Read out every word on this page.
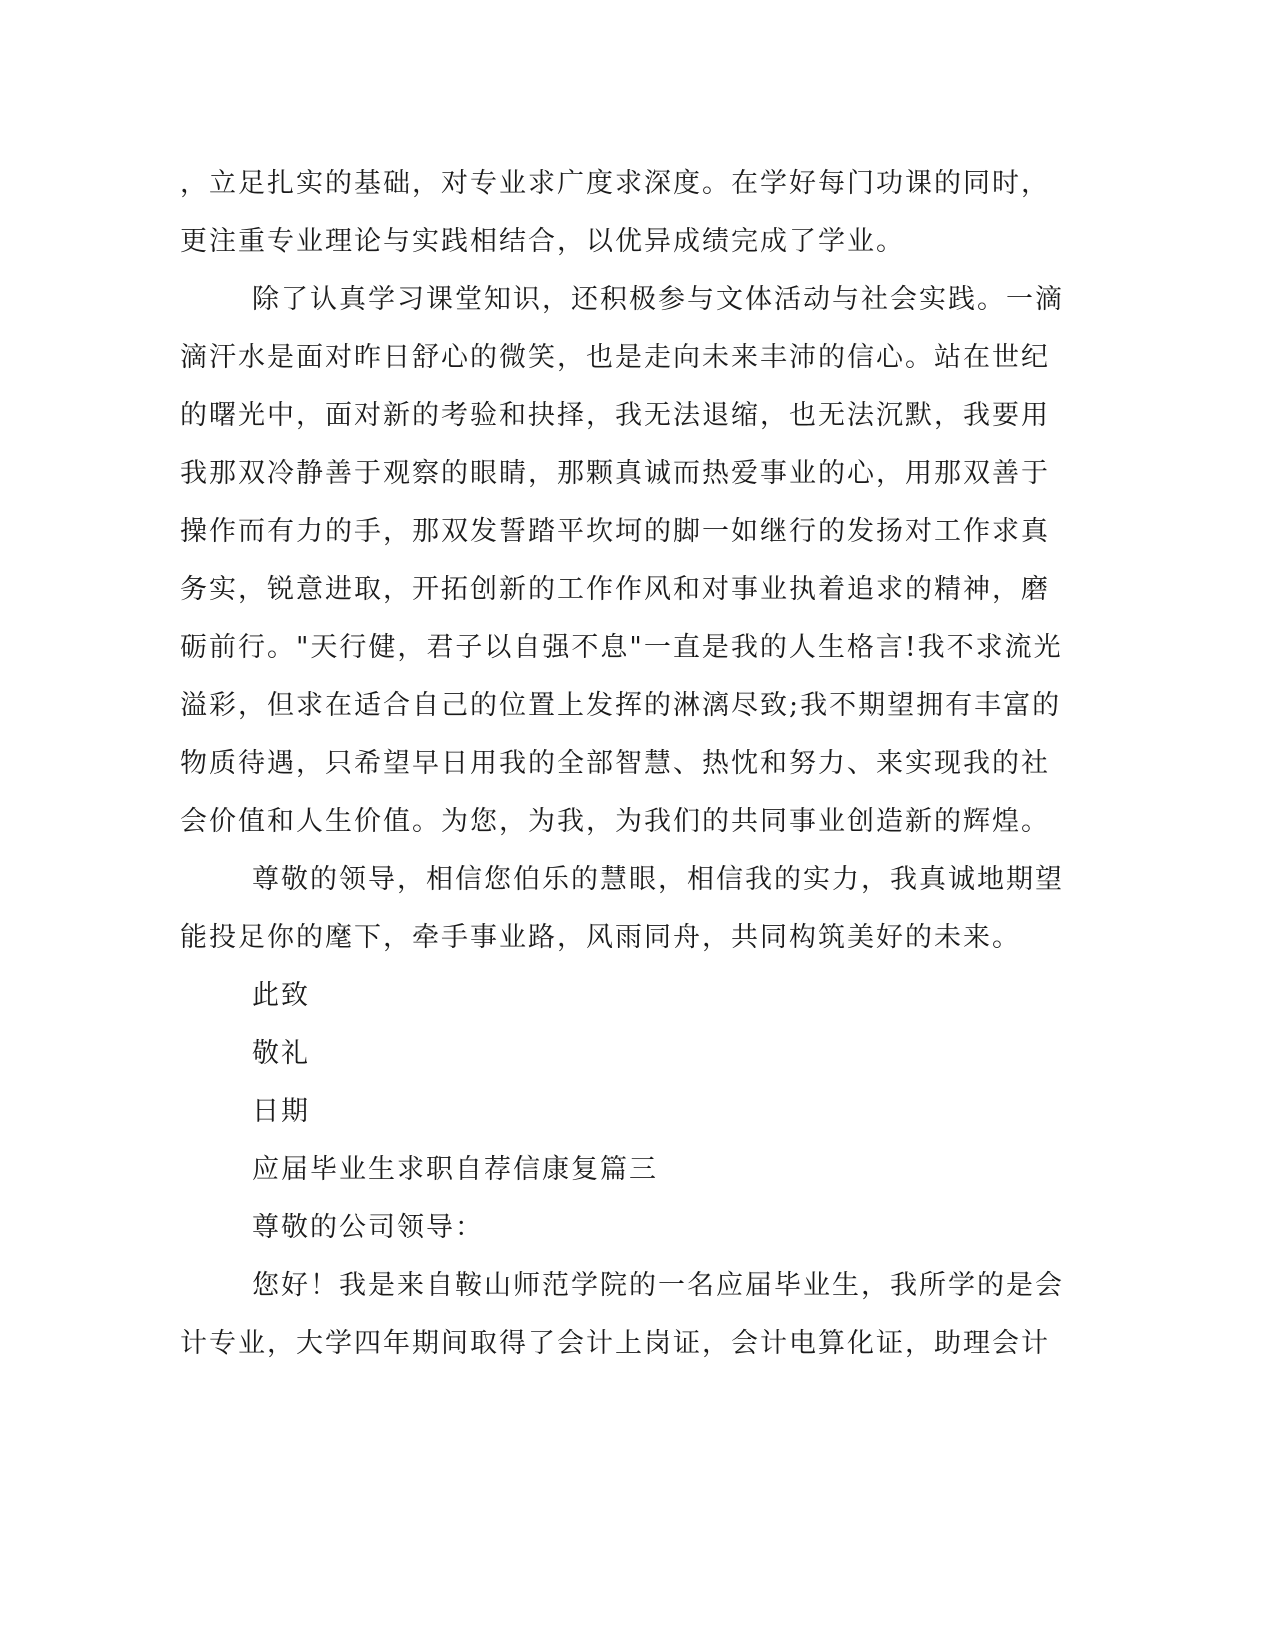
，立足扎实的基础，对专业求广度求深度。在学好每门功课的同时，
更注重专业理论与实践相结合，以优异成绩完成了学业。
除了认真学习课堂知识，还积极参与文体活动与社会实践。一滴
滴汗水是面对昨日舒心的微笑，也是走向未来丰沛的信心。站在世纪
的曙光中，面对新的考验和抉择，我无法退缩，也无法沉默，我要用
我那双冷静善于观察的眼睛，那颗真诚而热爱事业的心，用那双善于
操作而有力的手，那双发誓踏平坎坷的脚一如继行的发扬对工作求真
务实，锐意进取，开拓创新的工作作风和对事业执着追求的精神，磨
砺前行。"天行健，君子以自强不息"一直是我的人生格言!我不求流光
溢彩，但求在适合自己的位置上发挥的淋漓尽致;我不期望拥有丰富的
物质待遇，只希望早日用我的全部智慧、热忱和努力、来实现我的社
会价值和人生价值。为您，为我，为我们的共同事业创造新的辉煌。
尊敬的领导，相信您伯乐的慧眼，相信我的实力，我真诚地期望
能投足你的麾下，牵手事业路，风雨同舟，共同构筑美好的未来。
此致
敬礼
日期
应届毕业生求职自荐信康复篇三
尊敬的公司领导：
您好！我是来自鞍山师范学院的一名应届毕业生，我所学的是会
计专业，大学四年期间取得了会计上岗证，会计电算化证，助理会计
